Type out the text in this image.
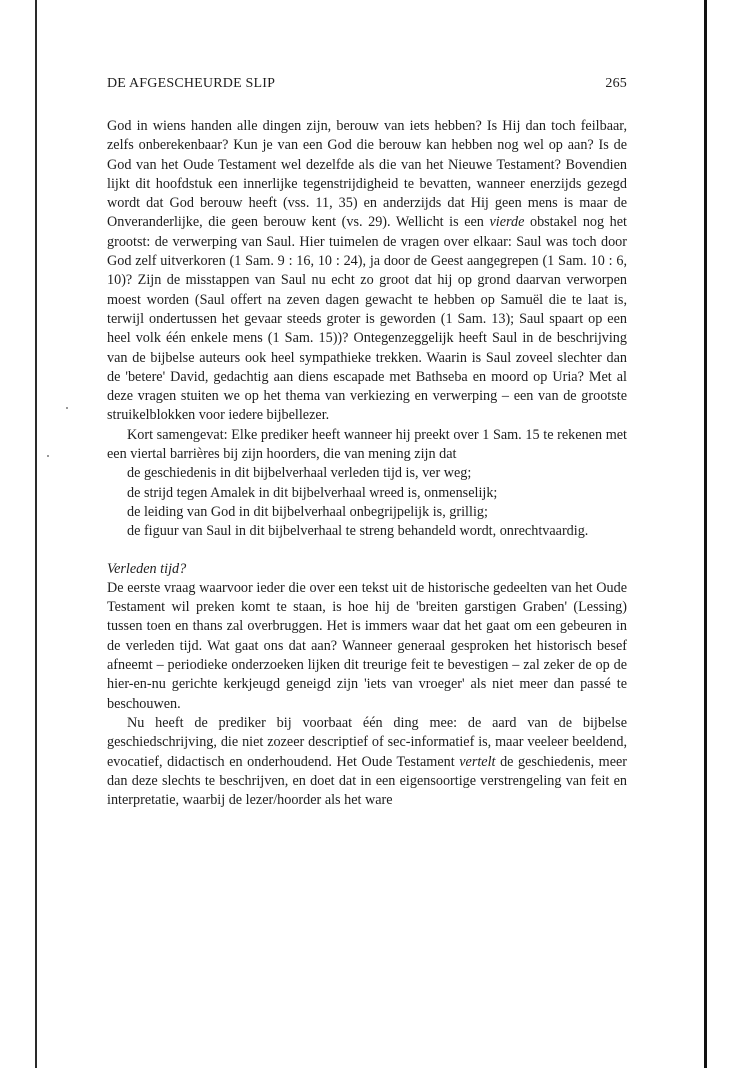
DE AFGESCHEURDE SLIP	265

God in wiens handen alle dingen zijn, berouw van iets hebben? Is Hij dan toch feilbaar, zelfs onberekenbaar? Kun je van een God die berouw kan hebben nog wel op aan? Is de God van het Oude Testament wel dezelfde als die van het Nieuwe Testament? Bovendien lijkt dit hoofdstuk een innerlijke tegenstrijdigheid te bevatten, wanneer enerzijds gezegd wordt dat God berouw heeft (vss. 11, 35) en anderzijds dat Hij geen mens is maar de Onveranderlijke, die geen berouw kent (vs. 29). Wellicht is een vierde obstakel nog het grootst: de verwerping van Saul. Hier tuimelen de vragen over elkaar: Saul was toch door God zelf uitverkoren (1 Sam. 9 : 16, 10 : 24), ja door de Geest aangegrepen (1 Sam. 10 : 6, 10)? Zijn de misstappen van Saul nu echt zo groot dat hij op grond daarvan verworpen moest worden (Saul offert na zeven dagen gewacht te hebben op Samuël die te laat is, terwijl ondertussen het gevaar steeds groter is geworden (1 Sam. 13); Saul spaart op een heel volk één enkele mens (1 Sam. 15))? Ontegenzeggelijk heeft Saul in de beschrijving van de bijbelse auteurs ook heel sympathieke trekken. Waarin is Saul zoveel slechter dan de 'betere' David, gedachtig aan diens escapade met Bathseba en moord op Uria? Met al deze vragen stuiten we op het thema van verkiezing en verwerping – een van de grootste struikelblokken voor iedere bijbellezer.

Kort samengevat: Elke prediker heeft wanneer hij preekt over 1 Sam. 15 te rekenen met een viertal barrières bij zijn hoorders, die van mening zijn dat

de geschiedenis in dit bijbelverhaal verleden tijd is, ver weg;

de strijd tegen Amalek in dit bijbelverhaal wreed is, onmenselijk;

de leiding van God in dit bijbelverhaal onbegrijpelijk is, grillig;

de figuur van Saul in dit bijbelverhaal te streng behandeld wordt, onrechtvaardig.

Verleden tijd?

De eerste vraag waarvoor ieder die over een tekst uit de historische gedeelten van het Oude Testament wil preken komt te staan, is hoe hij de 'breiten garstigen Graben' (Lessing) tussen toen en thans zal overbruggen. Het is immers waar dat het gaat om een gebeuren in de verleden tijd. Wat gaat ons dat aan? Wanneer generaal gesproken het historisch besef afneemt – periodieke onderzoeken lijken dit treurige feit te bevestigen – zal zeker de op de hier-en-nu gerichte kerkjeugd geneigd zijn 'iets van vroeger' als niet meer dan passé te beschouwen.

Nu heeft de prediker bij voorbaat één ding mee: de aard van de bijbelse geschiedschrijving, die niet zozeer descriptief of sec-informatief is, maar veeleer beeldend, evocatief, didactisch en onderhoudend. Het Oude Testament vertelt de geschiedenis, meer dan deze slechts te beschrijven, en doet dat in een eigensoortige verstrengeling van feit en interpretatie, waarbij de lezer/hoorder als het ware
